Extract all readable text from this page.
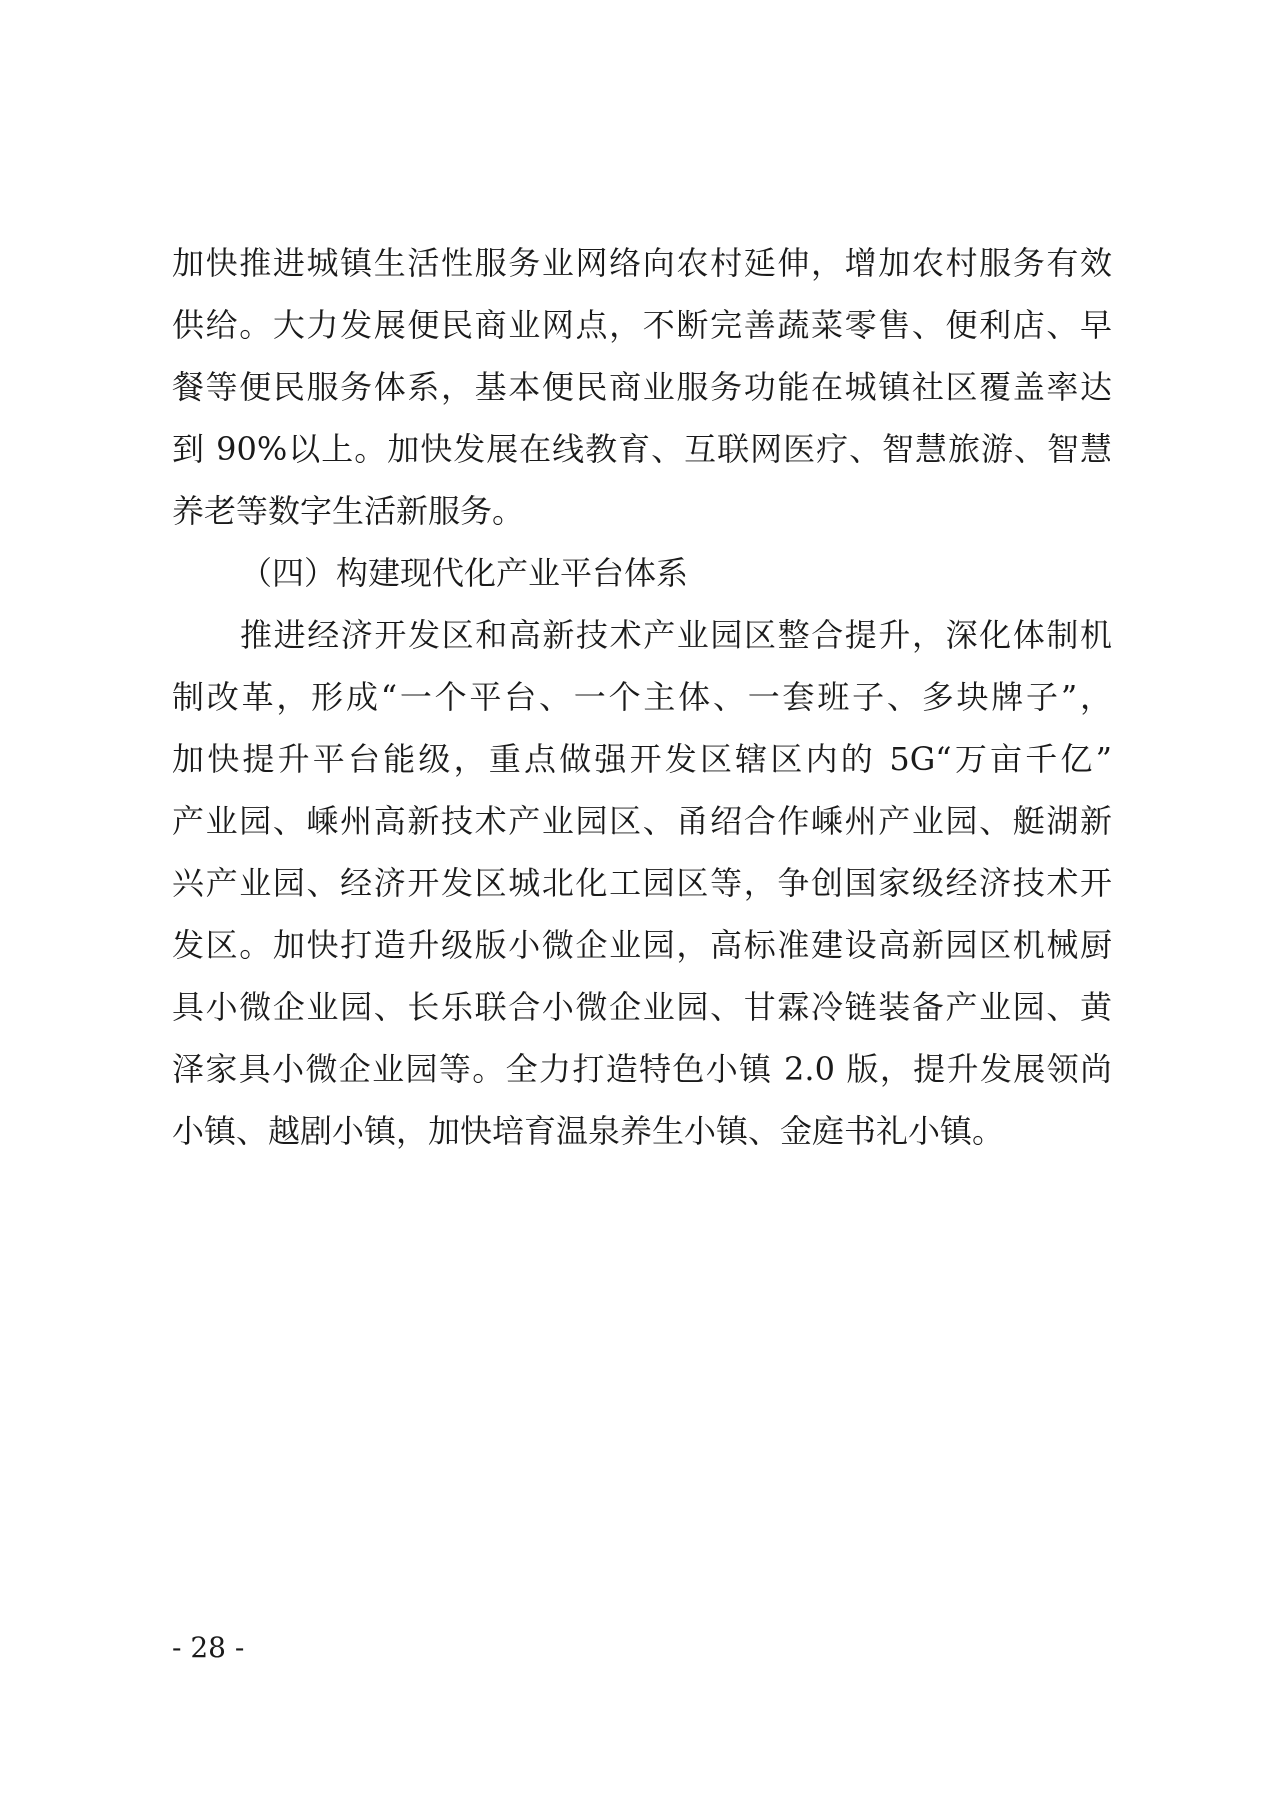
加快推进城镇生活性服务业网络向农村延伸，增加农村服务有效
供给。大力发展便民商业网点，不断完善蔬菜零售、便利店、早
餐等便民服务体系，基本便民商业服务功能在城镇社区覆盖率达
到 90%以上。加快发展在线教育、互联网医疗、智慧旅游、智慧
养老等数字生活新服务。
（四）构建现代化产业平台体系
推进经济开发区和高新技术产业园区整合提升，深化体制机
制改革，形成“一个平台、一个主体、一套班子、多块牌子”，
加快提升平台能级，重点做强开发区辖区内的 5G“万亩千亿”
产业园、嵊州高新技术产业园区、甬绍合作嵊州产业园、艇湖新
兴产业园、经济开发区城北化工园区等，争创国家级经济技术开
发区。加快打造升级版小微企业园，高标准建设高新园区机械厨
具小微企业园、长乐联合小微企业园、甘霖冷链装备产业园、黄
泽家具小微企业园等。全力打造特色小镇 2.0 版，提升发展领尚
小镇、越剧小镇，加快培育温泉养生小镇、金庭书礼小镇。
- 28 -
